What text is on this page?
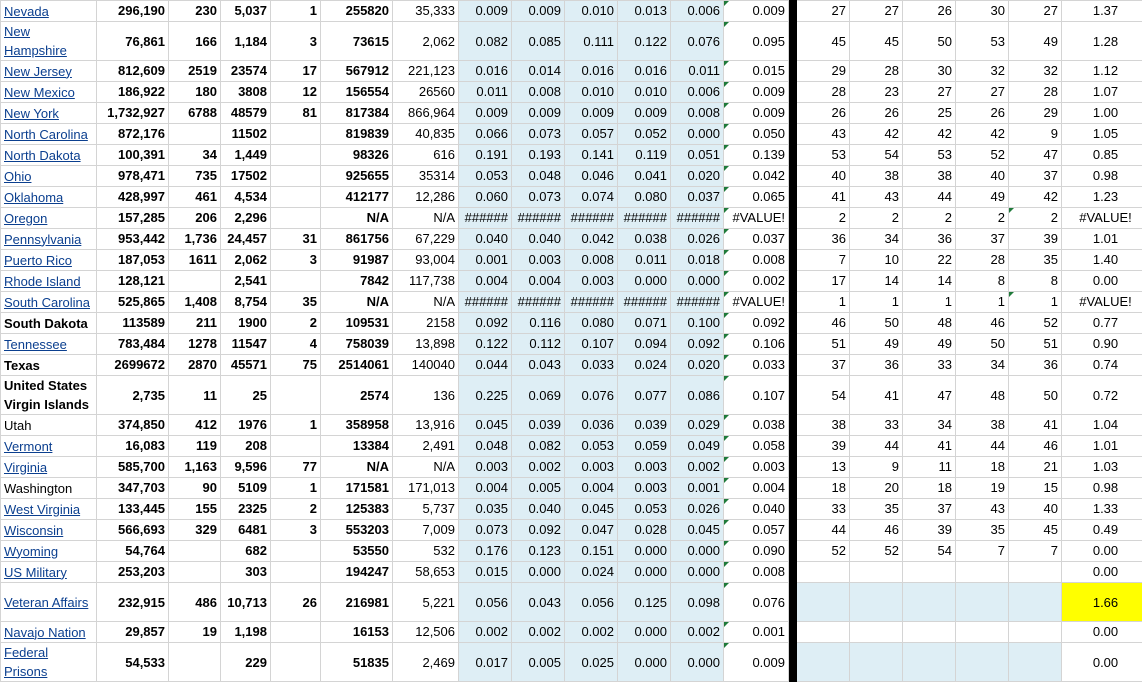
Nevada	296,190	230	5,037	1	255820	35,333	0.009	0.009	0.010	0.013	0.006	0.009		27	27	26	30	27	1.37
New Hampshire	76,861	166	1,184	3	73615	2,062	0.082	0.085	0.111	0.122	0.076	0.095		45	45	50	53	49	1.28
New Jersey	812,609	2519	23574	17	567912	221,123	0.016	0.014	0.016	0.016	0.011	0.015		29	28	30	32	32	1.12
New Mexico	186,922	180	3808	12	156554	26560	0.011	0.008	0.010	0.010	0.006	0.009		28	23	27	27	28	1.07
New York	1,732,927	6788	48579	81	817384	866,964	0.009	0.009	0.009	0.009	0.008	0.009		26	26	25	26	29	1.00
North Carolina	872,176		11502		819839	40,835	0.066	0.073	0.057	0.052	0.000	0.050		43	42	42	42	9	1.05
North Dakota	100,391	34	1,449		98326	616	0.191	0.193	0.141	0.119	0.051	0.139		53	54	53	52	47	0.85
Ohio	978,471	735	17502		925655	35314	0.053	0.048	0.046	0.041	0.020	0.042		40	38	38	40	37	0.98
Oklahoma	428,997	461	4,534		412177	12,286	0.060	0.073	0.074	0.080	0.037	0.065		41	43	44	49	42	1.23
Oregon	157,285	206	2,296		N/A	N/A	######	######	######	######	######	#VALUE!		2	2	2	2	2	#VALUE!
Pennsylvania	953,442	1,736	24,457	31	861756	67,229	0.040	0.040	0.042	0.038	0.026	0.037		36	34	36	37	39	1.01
Puerto Rico	187,053	1611	2,062	3	91987	93,004	0.001	0.003	0.008	0.011	0.018	0.008		7	10	22	28	35	1.40
Rhode Island	128,121		2,541		7842	117,738	0.004	0.004	0.003	0.000	0.000	0.002		17	14	14	8	8	0.00
South Carolina	525,865	1,408	8,754	35	N/A	N/A	######	######	######	######	######	#VALUE!		1	1	1	1	1	#VALUE!
South Dakota	113589	211	1900	2	109531	2158	0.092	0.116	0.080	0.071	0.100	0.092		46	50	48	46	52	0.77
Tennessee	783,484	1278	11547	4	758039	13,898	0.122	0.112	0.107	0.094	0.092	0.106		51	49	49	50	51	0.90
Texas	2699672	2870	45571	75	2514061	140040	0.044	0.043	0.033	0.024	0.020	0.033		37	36	33	34	36	0.74
United States Virgin Islands	2,735	11	25		2574	136	0.225	0.069	0.076	0.077	0.086	0.107		54	41	47	48	50	0.72
Utah	374,850	412	1976	1	358958	13,916	0.045	0.039	0.036	0.039	0.029	0.038		38	33	34	38	41	1.04
Vermont	16,083	119	208		13384	2,491	0.048	0.082	0.053	0.059	0.049	0.058		39	44	41	44	46	1.01
Virginia	585,700	1,163	9,596	77	N/A	N/A	0.003	0.002	0.003	0.003	0.002	0.003		13	9	11	18	21	1.03
Washington	347,703	90	5109	1	171581	171,013	0.004	0.005	0.004	0.003	0.001	0.004		18	20	18	19	15	0.98
West Virginia	133,445	155	2325	2	125383	5,737	0.035	0.040	0.045	0.053	0.026	0.040		33	35	37	43	40	1.33
Wisconsin	566,693	329	6481	3	553203	7,009	0.073	0.092	0.047	0.028	0.045	0.057		44	46	39	35	45	0.49
Wyoming	54,764		682		53550	532	0.176	0.123	0.151	0.000	0.000	0.090		52	52	54	7	7	0.00
US Military	253,203		303		194247	58,653	0.015	0.000	0.024	0.000	0.000	0.008							0.00
Veteran Affairs	232,915	486	10,713	26	216981	5,221	0.056	0.043	0.056	0.125	0.098	0.076							1.66
Navajo Nation	29,857	19	1,198		16153	12,506	0.002	0.002	0.002	0.000	0.002	0.001							0.00
Federal Prisons	54,533		229		51835	2,469	0.017	0.005	0.025	0.000	0.000	0.009							0.00
